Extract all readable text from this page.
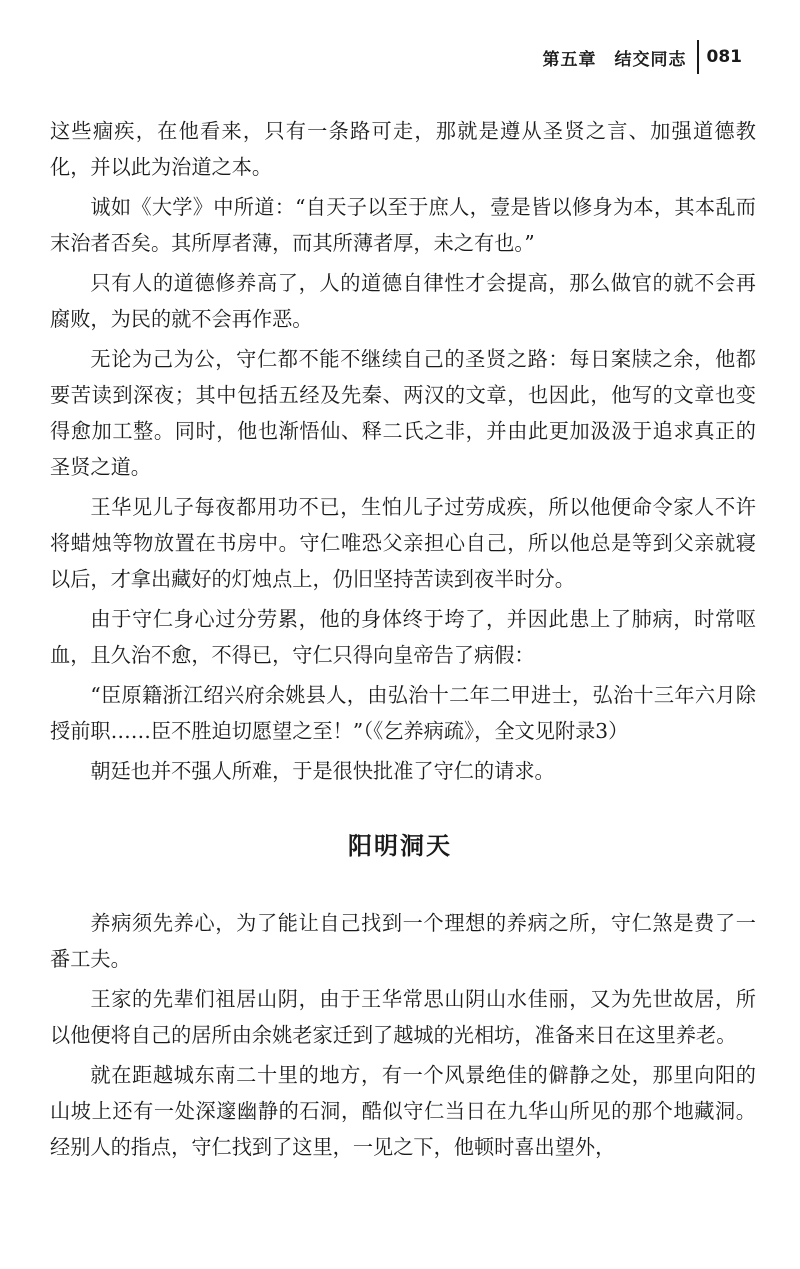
第五章　结交同志 081

这些痼疾，在他看来，只有一条路可走，那就是遵从圣贤之言、加强道德教化，并以此为治道之本。

诚如《大学》中所道：“自天子以至于庶人，壹是皆以修身为本，其本乱而末治者否矣。其所厚者薄，而其所薄者厚，未之有也。”

只有人的道德修养高了，人的道德自律性才会提高，那么做官的就不会再腐败，为民的就不会再作恶。

无论为己为公，守仁都不能不继续自己的圣贤之路：每日案牍之余，他都要苦读到深夜；其中包括五经及先秦、两汉的文章，也因此，他写的文章也变得愈加工整。同时，他也渐悟仙、释二氏之非，并由此更加汲汲于追求真正的圣贤之道。

王华见儿子每夜都用功不已，生怕儿子过劳成疾，所以他便命令家人不许将蜡烛等物放置在书房中。守仁唯恐父亲担心自己，所以他总是等到父亲就寝以后，才拿出藏好的灯烛点上，仍旧坚持苦读到夜半时分。

由于守仁身心过分劳累，他的身体终于垮了，并因此患上了肺病，时常呕血，且久治不愈，不得已，守仁只得向皇帝告了病假：

“臣原籍浙江绍兴府余姚县人，由弘治十二年二甲进士，弘治十三年六月除授前职……臣不胜迫切愿望之至！”（《乞养病疏》，全文见附录3）

朝廷也并不强人所难，于是很快批准了守仁的请求。

阳明洞天

养病须先养心，为了能让自己找到一个理想的养病之所，守仁煞是费了一番工夫。

王家的先辈们祖居山阴，由于王华常思山阴山水佳丽，又为先世故居，所以他便将自己的居所由余姚老家迁到了越城的光相坊，准备来日在这里养老。

就在距越城东南二十里的地方，有一个风景绝佳的僻静之处，那里向阳的山坡上还有一处深邃幽静的石洞，酷似守仁当日在九华山所见的那个地藏洞。经别人的指点，守仁找到了这里，一见之下，他顿时喜出望外，
